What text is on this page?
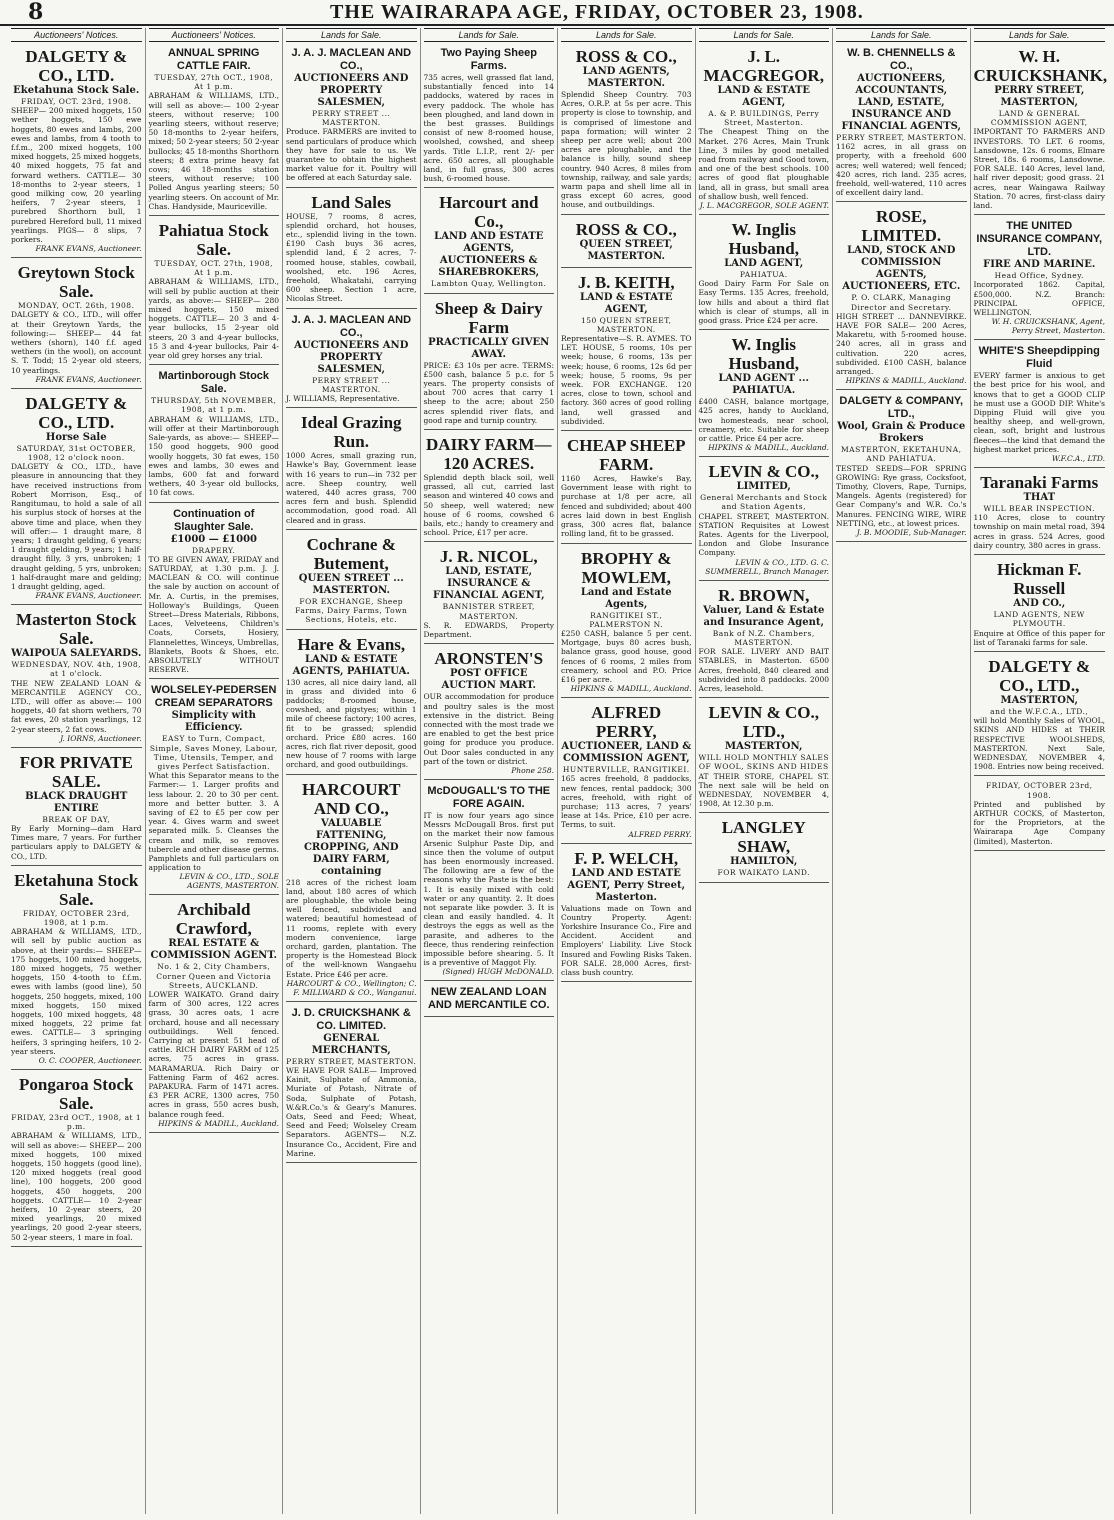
8	THE WAIRARAPA AGE, FRIDAY, OCTOBER 23, 1908.
Auctioneers' Notices.
DALGETY & CO., LTD.
Eketahuna Stock Sale.
FRIDAY, OCT. 23rd, 1908.
SHEEP— 200 mixed hoggets, 150 wether hoggets, 150 ewe hoggets, 80 ewes and lambs, 200 ewes and lambs, from 4 tooth to f.f.m., 200 mixed hoggets, 100 mixed hoggets, 25 mixed hoggets, 40 mixed hoggets, 75 fat and forward wethers. CATTLE— 30 18-months to 2-year steers, 1 good milking cow, 20 yearling heifers, 7 2-year steers, 1 purebred Shorthorn bull, 1 purebred Hereford bull, 11 mixed yearlings. PIGS— 8 slips, 7 porkers.
FRANK EVANS, Auctioneer.
Greytown Stock Sale.
MONDAY, OCT. 26th, 1908.
DALGETY & CO., LTD., will offer at their Greytown Yards, the following:— SHEEP— 44 fat wethers (shorn), 140 f.f. aged wethers (in the wool), on account S. T. Todd; 15 2-year old steers, 10 yearlings.
FRANK EVANS, Auctioneer.
DALGETY & CO., LTD.
Horse Sale
SATURDAY, 31st OCTOBER, 1908, 12 o'clock noon.
DALGETY & CO., LTD., have pleasure in announcing that they have received instructions from Robert Morrison, Esq., of Rangitumau, to hold a sale of all his surplus stock of horses at the above time and place, when they will offer:— 1 draught mare, 8 years; 1 draught gelding, 6 years; 1 draught gelding, 9 years; 1 half-draught filly, 3 yrs, unbroken; 1 draught gelding, 5 yrs, unbroken; 1 half-draught mare and gelding; 1 draught gelding, aged.
FRANK EVANS, Auctioneer.
Masterton Stock Sale.
WAIPOUA SALEYARDS.
WEDNESDAY, NOV. 4th, 1908, at 1 o'clock.
THE NEW ZEALAND LOAN & MERCANTILE AGENCY CO., LTD., will offer as above:— 100 hoggets, 40 fat shorn wethers, 70 fat ewes, 20 station yearlings, 12 2-year steers, 2 fat cows.
J. IORNS, Auctioneer.
FOR PRIVATE SALE.
BLACK DRAUGHT ENTIRE
BREAK OF DAY,
By Early Morning—dam Hard Times mare, 7 years. For further particulars apply to DALGETY & CO., LTD.
Eketahuna Stock Sale.
FRIDAY, OCTOBER 23rd, 1908, at 1 p.m.
ABRAHAM & WILLIAMS, LTD., will sell by public auction as above, at their yards:— SHEEP— 175 hoggets, 100 mixed hoggets, 180 mixed hoggets, 75 wether hoggets, 150 4-tooth to f.f.m. ewes with lambs (good line), 50 hoggets, 250 hoggets, mixed, 100 mixed hoggets, 150 mixed hoggets, 100 mixed hoggets, 48 mixed hoggets, 22 prime fat ewes. CATTLE— 3 springing heifers, 3 springing heifers, 10 2-year steers.
O. C. COOPER, Auctioneer.
Pongaroa Stock Sale.
FRIDAY, 23rd OCT., 1908, at 1 p.m.
ABRAHAM & WILLIAMS, LTD., will sell as above:— SHEEP— 200 mixed hoggets, 100 mixed hoggets, 150 hoggets (good line), 120 mixed hoggets (real good line), 100 hoggets, 200 good hoggets, 450 hoggets, 200 hoggets. CATTLE— 10 2-year heifers, 10 2-year steers, 20 mixed yearlings, 20 mixed yearlings, 20 good 2-year steers, 50 2-year steers, 1 mare in foal.
Auctioneers' Notices.
ANNUAL SPRING CATTLE FAIR.
TUESDAY, 27th OCT., 1908, At 1 p.m.
ABRAHAM & WILLIAMS, LTD., will sell as above:— 100 2-year steers, without reserve; 100 yearling steers, without reserve; 50 18-months to 2-year heifers, mixed; 50 2-year steers; 50 2-year bullocks; 45 18-months Shorthorn steers; 8 extra prime heavy fat cows; 46 18-months station steers, without reserve; 100 Polled Angus yearling steers; 50 yearling steers. On account of Mr. Chas. Handyside, Mauriceville.
Pahiatua Stock Sale.
TUESDAY, OCT. 27th, 1908, At 1 p.m.
ABRAHAM & WILLIAMS, LTD., will sell by public auction at their yards, as above:— SHEEP— 280 mixed hoggets, 150 mixed hoggets. CATTLE— 20 3 and 4-year bullocks, 15 2-year old steers, 20 3 and 4-year bullocks, 15 3 and 4-year bullocks, Pair 4-year old grey horses any trial.
Martinborough Stock Sale.
THURSDAY, 5th NOVEMBER, 1908, at 1 p.m.
ABRAHAM & WILLIAMS, LTD., will offer at their Martinborough Sale-yards, as above:— SHEEP— 150 good hoggets, 900 good woolly hoggets, 30 fat ewes, 150 ewes and lambs, 30 ewes and lambs, 600 fat and forward wethers, 40 3-year old bullocks, 10 fat cows.
Continuation of Slaughter Sale.
£1000 — £1000
DRAPERY.
TO BE GIVEN AWAY, FRIDAY and SATURDAY, at 1.30 p.m. J. J. MACLEAN & CO. will continue the sale by auction on account of Mr. A. Curtis, in the premises, Holloway's Buildings, Queen Street—Dress Materials, Ribbons, Laces, Velveteens, Children's Coats, Corsets, Hosiery, Flannelettes, Winceys, Umbrellas, Blankets, Boots & Shoes, etc. ABSOLUTELY WITHOUT RESERVE.
WOLSELEY-PEDERSEN CREAM SEPARATORS
Simplicity with Efficiency.
EASY to Turn, Compact, Simple, Saves Money, Labour, Time, Utensils, Temper, and gives Perfect Satisfaction.
What this Separator means to the Farmer:— 1. Larger profits and less labour. 2. 20 to 30 per cent. more and better butter. 3. A saving of £2 to £5 per cow per year. 4. Gives warm and sweet separated milk. 5. Cleanses the cream and milk, so removes tubercle and other disease germs. Pamphlets and full particulars on application to
LEVIN & CO., LTD., SOLE AGENTS, MASTERTON.
Archibald Crawford,
REAL ESTATE & COMMISSION AGENT.
No. 1 & 2, City Chambers, Corner Queen and Victoria Streets, AUCKLAND.
LOWER WAIKATO. Grand dairy farm of 300 acres, 122 acres grass, 30 acres oats, 1 acre orchard, house and all necessary outbuildings. Well fenced. Carrying at present 51 head of cattle. RICH DAIRY FARM of 125 acres, 75 acres in grass. MARAMARUA. Rich Dairy or Fattening Farm of 462 acres. PAPAKURA. Farm of 1471 acres. £3 PER ACRE, 1300 acres, 750 acres in grass, 550 acres bush, balance rough feed.
HIPKINS & MADILL, Auckland.
Lands for Sale.
J. A. J. MACLEAN AND CO.,
AUCTIONEERS AND PROPERTY SALESMEN,
PERRY STREET ... MASTERTON.
Produce. FARMERS are invited to send particulars of produce which they have for sale to us. We guarantee to obtain the highest market value for it. Poultry will be offered at each Saturday sale.
Land Sales
HOUSE, 7 rooms, 8 acres, splendid orchard, hot houses, etc., splendid living in the town. £190 Cash buys 36 acres, splendid land, £ 2 acres, 7-roomed house, stables, cowbail, woolshed, etc. 196 Acres, freehold, Whakatahi, carrying 600 sheep. Section 1 acre, Nicolas Street.
J. A. J. MACLEAN AND CO.,
AUCTIONEERS AND PROPERTY SALESMEN,
PERRY STREET ... MASTERTON.
J. WILLIAMS, Representative.
Ideal Grazing Run.
1000 Acres, small grazing run, Hawke's Bay, Government lease with 16 years to run—in 732 per acre. Sheep country, well watered, 440 acres grass, 700 acres fern and bush. Splendid accommodation, good road. All cleared and in grass.
Cochrane & Butement,
QUEEN STREET ... MASTERTON.
FOR EXCHANGE, Sheep Farms, Dairy Farms, Town Sections, Hotels, etc.
Hare & Evans,
LAND & ESTATE AGENTS, PAHIATUA.
130 acres, all nice dairy land, all in grass and divided into 6 paddocks; 8-roomed house, cowshed, and pigstyes; within 1 mile of cheese factory; 100 acres, fit to be grassed; splendid orchard. Price £80 acres. 160 acres, rich flat river deposit, good new house of 7 rooms with large orchard, and good outbuildings.
HARCOURT AND CO.,
VALUABLE FATTENING, CROPPING, AND DAIRY FARM, containing
218 acres of the richest loam land, about 180 acres of which are ploughable, the whole being well fenced, subdivided and watered; beautiful homestead of 11 rooms, replete with every modern convenience, large orchard, garden, plantation. The property is the Homestead Block of the well-known Wangaehu Estate. Price £46 per acre.
HARCOURT & CO., Wellington; C. F. MILLWARD & CO., Wanganui.
J. D. CRUICKSHANK & CO. LIMITED.
GENERAL MERCHANTS,
PERRY STREET, MASTERTON.
WE HAVE FOR SALE— Improved Kainit, Sulphate of Ammonia, Muriate of Potash, Nitrate of Soda, Sulphate of Potash, W.&R.Co.'s & Geary's Manures. Oats, Seed and Feed; Wheat, Seed and Feed; Wolseley Cream Separators. AGENTS— N.Z. Insurance Co., Accident, Fire and Marine.
Lands for Sale.
Two Paying Sheep Farms.
735 acres, well grassed flat land, substantially fenced into 14 paddocks, watered by races in every paddock. The whole has been ploughed, and land down in the best grasses. Buildings consist of new 8-roomed house, woolshed, cowshed, and sheep yards. Title L.I.P., rent 2/- per acre. 650 acres, all ploughable land, in full grass, 300 acres bush, 6-roomed house.
Harcourt and Co.,
LAND AND ESTATE AGENTS, AUCTIONEERS & SHAREBROKERS,
Lambton Quay, Wellington.
Sheep & Dairy Farm
PRACTICALLY GIVEN AWAY.
PRICE: £3 10s per acre. TERMS: £500 cash, balance 5 p.c. for 5 years. The property consists of about 700 acres that carry 1 sheep to the acre; about 250 acres splendid river flats, and good rape and turnip country.
DAIRY FARM—120 ACRES.
Splendid depth black soil, well grassed, all cut, carried last season and wintered 40 cows and 50 sheep, well watered; new house of 6 rooms, cowshed 6 bails, etc.; handy to creamery and school. Price, £17 per acre.
J. R. NICOL,
LAND, ESTATE, INSURANCE & FINANCIAL AGENT,
BANNISTER STREET, MASTERTON.
S. R. EDWARDS, Property Department.
ARONSTEN'S
POST OFFICE AUCTION MART.
OUR accommodation for produce and poultry sales is the most extensive in the district. Being connected with the most trade we are enabled to get the best price going for produce you produce. Out Door sales conducted in any part of the town or district.
Phone 258.
McDOUGALL'S TO THE FORE AGAIN.
IT is now four years ago since Messrs McDougall Bros. first put on the market their now famous Arsenic Sulphur Paste Dip, and since then the volume of output has been enormously increased. The following are a few of the reasons why the Paste is the best: 1. It is easily mixed with cold water or any quantity. 2. It does not separate like powder. 3. It is clean and easily handled. 4. It destroys the eggs as well as the parasite, and adheres to the fleece, thus rendering reinfection impossible before shearing. 5. It is a preventive of Maggot Fly.
(Signed) HUGH McDONALD.
NEW ZEALAND LOAN AND MERCANTILE CO.
Lands for Sale.
ROSS & CO.,
LAND AGENTS, MASTERTON.
Splendid Sheep Country. 703 Acres, O.R.P. at 5s per acre. This property is close to township, and is comprised of limestone and papa formation; will winter 2 sheep per acre well; about 200 acres are ploughable, and the balance is hilly, sound sheep country. 940 Acres, 8 miles from township, railway, and sale yards; warm papa and shell lime all in grass except 60 acres, good house, and outbuildings.
ROSS & CO.,
QUEEN STREET, MASTERTON.
J. B. KEITH,
LAND & ESTATE AGENT,
150 QUEEN STREET, MASTERTON.
Representative—S. R. AYMES. TO LET. HOUSE, 5 rooms, 10s per week; house, 6 rooms, 13s per week; house, 6 rooms, 12s 6d per week; house, 5 rooms, 9s per week. FOR EXCHANGE. 120 acres, close to town, school and factory. 360 acres of good rolling land, well grassed and subdivided.
CHEAP SHEEP FARM.
1160 Acres, Hawke's Bay, Government lease with right to purchase at 1/8 per acre, all fenced and subdivided; about 400 acres laid down in best English grass, 300 acres flat, balance rolling land, fit to be grassed.
BROPHY & MOWLEM,
Land and Estate Agents,
RANGITIKEI ST., PALMERSTON N.
£250 CASH, balance 5 per cent. Mortgage, buys 80 acres bush, balance grass, good house, good fences of 6 rooms, 2 miles from creamery, school and P.O. Price £16 per acre.
HIPKINS & MADILL, Auckland.
ALFRED PERRY,
AUCTIONEER, LAND & COMMISSION AGENT,
HUNTERVILLE, RANGITIKEI.
165 acres freehold, 8 paddocks, new fences, rental paddock; 300 acres, freehold, with right of purchase; 113 acres, 7 years' lease at 14s. Price, £10 per acre. Terms, to suit.
ALFRED PERRY.
F. P. WELCH,
LAND AND ESTATE AGENT, Perry Street, Masterton.
Valuations made on Town and Country Property. Agent: Yorkshire Insurance Co., Fire and Accident. Accident and Employers' Liability. Live Stock Insured and Fowling Risks Taken. FOR SALE. 28,000 Acres, first-class bush country.
Lands for Sale.
J. L. MACGREGOR,
LAND & ESTATE AGENT,
A. & P. BUILDINGS, Perry Street, Masterton.
The Cheapest Thing on the Market. 276 Acres, Main Trunk Line, 3 miles by good metalled road from railway and Good town, and one of the best schools. 100 acres of good flat ploughable land, all in grass, but small area of shallow bush, well fenced.
J. L. MACGREGOR, SOLE AGENT.
W. Inglis Husband,
LAND AGENT,
PAHIATUA.
Good Dairy Farm For Sale on Easy Terms. 135 Acres, freehold, low hills and about a third flat which is clear of stumps, all in good grass. Price £24 per acre.
W. Inglis Husband,
LAND AGENT ... PAHIATUA.
£400 CASH, balance mortgage, 425 acres, handy to Auckland, two homesteads, near school, creamery, etc. Suitable for sheep or cattle. Price £4 per acre.
HIPKINS & MADILL, Auckland.
LEVIN & CO.,
LIMITED,
General Merchants and Stock and Station Agents,
CHAPEL STREET, MASTERTON. STATION Requisites at Lowest Rates. Agents for the Liverpool, London and Globe Insurance Company.
LEVIN & CO., LTD. G. C. SUMMERELL, Branch Manager.
R. BROWN,
Valuer, Land & Estate and Insurance Agent,
Bank of N.Z. Chambers, MASTERTON.
FOR SALE. LIVERY AND BAIT STABLES, in Masterton. 6500 Acres, freehold, 840 cleared and subdivided into 8 paddocks. 2000 Acres, leasehold.
LEVIN & CO., LTD.,
MASTERTON,
WILL HOLD MONTHLY SALES OF WOOL, SKINS AND HIDES
AT THEIR STORE, CHAPEL ST. The next sale will be held on WEDNESDAY, NOVEMBER 4, 1908, At 12.30 p.m.
LANGLEY SHAW,
HAMILTON,
FOR WAIKATO LAND.
Lands for Sale.
W. B. CHENNELLS & CO.,
AUCTIONEERS, ACCOUNTANTS, LAND, ESTATE, INSURANCE AND FINANCIAL AGENTS,
PERRY STREET, MASTERTON.
1162 acres, in all grass on property, with a freehold 600 acres; well watered; well fenced; 420 acres, rich land. 235 acres, freehold, well-watered, 110 acres of excellent dairy land.
ROSE, LIMITED.
LAND, STOCK AND COMMISSION AGENTS, AUCTIONEERS, ETC.
P. O. CLARK, Managing Director and Secretary.
HIGH STREET ... DANNEVIRKE. HAVE FOR SALE— 200 Acres, Makaretu, with 5-roomed house. 240 acres, all in grass and cultivation. 220 acres, subdivided. £100 CASH, balance arranged.
HIPKINS & MADILL, Auckland.
DALGETY & COMPANY, LTD.,
Wool, Grain & Produce Brokers
MASTERTON, EKETAHUNA, AND PAHIATUA.
TESTED SEEDS—FOR SPRING GROWING: Rye grass, Cocksfoot, Timothy, Clovers, Rape, Turnips, Mangels. Agents (registered) for Gear Company's and W.R. Co.'s Manures. FENCING WIRE, WIRE NETTING, etc., at lowest prices.
J. B. MOODIE, Sub-Manager.
Lands for Sale.
W. H. CRUICKSHANK,
PERRY STREET, MASTERTON,
LAND & GENERAL COMMISSION AGENT,
IMPORTANT TO FARMERS AND INVESTORS. TO LET. 6 rooms, Lansdowne, 12s. 6 rooms, Elmare Street, 18s. 6 rooms, Lansdowne. FOR SALE. 140 Acres, level land, half river deposit; good grass. 21 acres, near Waingawa Railway Station. 70 acres, first-class dairy land.
THE UNITED INSURANCE COMPANY, LTD.
FIRE AND MARINE.
Head Office, Sydney.
Incorporated 1862. Capital, £500,000. N.Z. Branch: PRINCIPAL OFFICE, WELLINGTON.
W. H. CRUICKSHANK, Agent, Perry Street, Masterton.
WHITE'S Sheepdipping Fluid
EVERY farmer is anxious to get the best price for his wool, and knows that to get a GOOD CLIP he must use a GOOD DIP. White's Dipping Fluid will give you healthy sheep, and well-grown, clean, soft, bright and lustrous fleeces—the kind that demand the highest market prices.
W.F.C.A., LTD.
Taranaki Farms
THAT
WILL BEAR INSPECTION.
110 Acres, close to country township on main metal road, 394 acres in grass. 524 Acres, good dairy country, 380 acres in grass.
Hickman F. Russell
AND CO.,
LAND AGENTS, NEW PLYMOUTH.
Enquire at Office of this paper for list of Taranaki farms for sale.
DALGETY & CO., LTD.,
MASTERTON,
and the W.F.C.A., LTD.,
will hold Monthly Sales of WOOL, SKINS AND HIDES at THEIR RESPECTIVE WOOLSHEDS, MASTERTON. Next Sale, WEDNESDAY, NOVEMBER 4, 1908. Entries now being received.
FRIDAY, OCTOBER 23rd, 1908.
Printed and published by ARTHUR COCKS, of Masterton, for the Proprietors, at the Wairarapa Age Company (limited), Masterton.
